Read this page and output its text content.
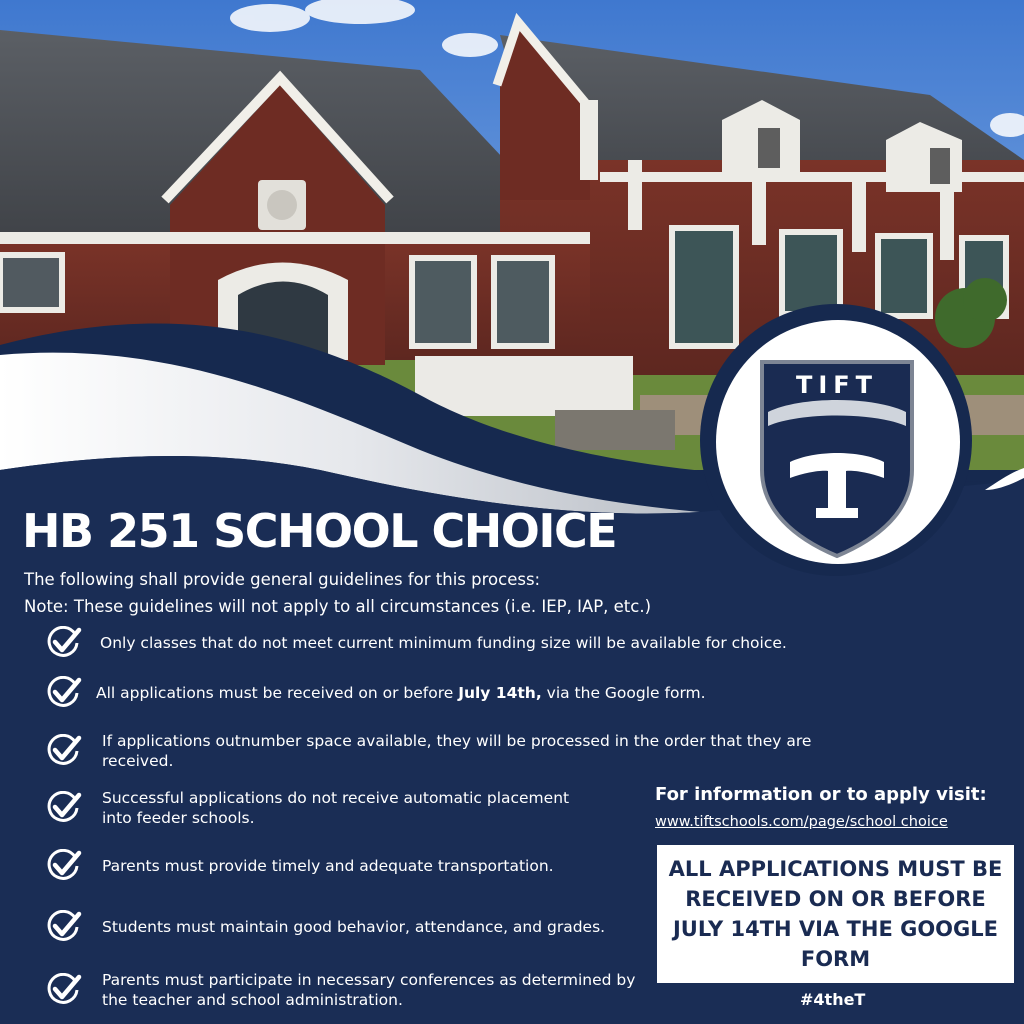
TIFT
HB 251 SCHOOL CHOICE

The following shall provide general guidelines for this process:

Note: These guidelines will not apply to all circumstances (i.e. IEP, IAP, etc.)

Only classes that do not meet current minimum funding size will be available for choice.
All applications must be received on or before July 14th, via the Google form.
If applications outnumber space available, they will be processed in the order that they are received.
Successful applications do not receive automatic placement into feeder schools.
Parents must provide timely and adequate transportation.
Students must maintain good behavior, attendance, and grades.
Parents must participate in necessary conferences as determined by the teacher and school administration.

For information or to apply visit:

www.tiftschools.com/page/school choice
ALL APPLICATIONS MUST BE RECEIVED ON OR BEFORE JULY 14TH VIA THE GOOGLE FORM
#4theT
